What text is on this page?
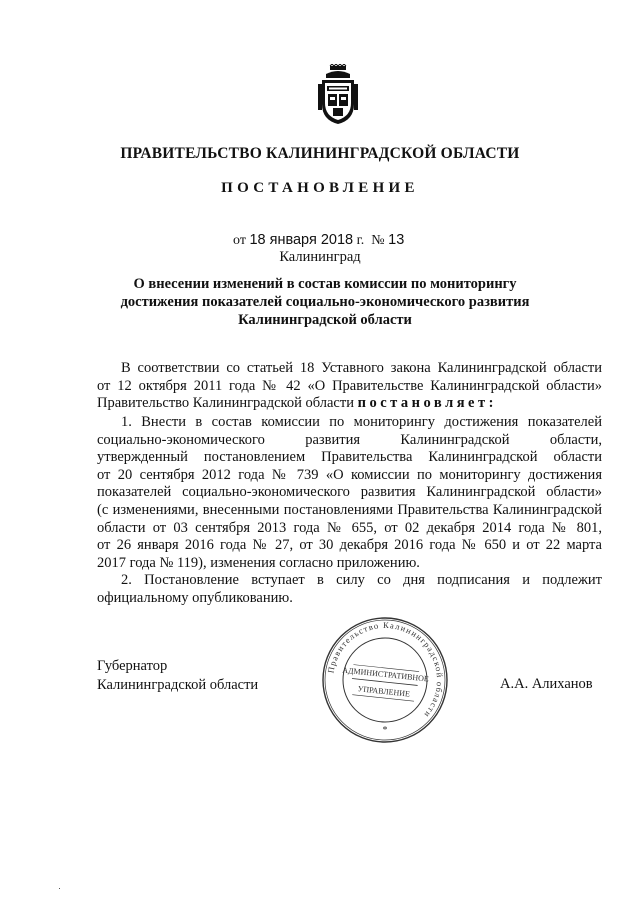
ПРАВИТЕЛЬСТВО КАЛИНИНГРАДСКОЙ ОБЛАСТИ
ПОСТАНОВЛЕНИЕ
от 18 января 2018 г. № 13
Калининград
О внесении изменений в состав комиссии по мониторингу
достижения показателей социально-экономического развития
Калининградской области
В соответствии со статьей 18 Уставного закона Калининградской области
от 12 октября 2011 года № 42 «О Правительстве Калининградской области»
Правительство Калининградской области постановляет:
1. Внести в состав комиссии по мониторингу достижения показателей
социально-экономического развития Калининградской области,
утвержденный постановлением Правительства Калининградской области
от 20 сентября 2012 года № 739 «О комиссии по мониторингу достижения
показателей социально-экономического развития Калининградской области»
(с изменениями, внесенными постановлениями Правительства Калининградской
области от 03 сентября 2013 года № 655, от 02 декабря 2014 года № 801,
от 26 января 2016 года № 27, от 30 декабря 2016 года № 650 и от 22 марта
2017 года № 119), изменения согласно приложению.
2. Постановление вступает в силу со дня подписания и подлежит
официальному опубликованию.
Губернатор
Калининградской области	А.А. Алиханов
Правительство Калининградской области
АДМИНИСТРАТИВНОЕ
УПРАВЛЕНИЕ
*
